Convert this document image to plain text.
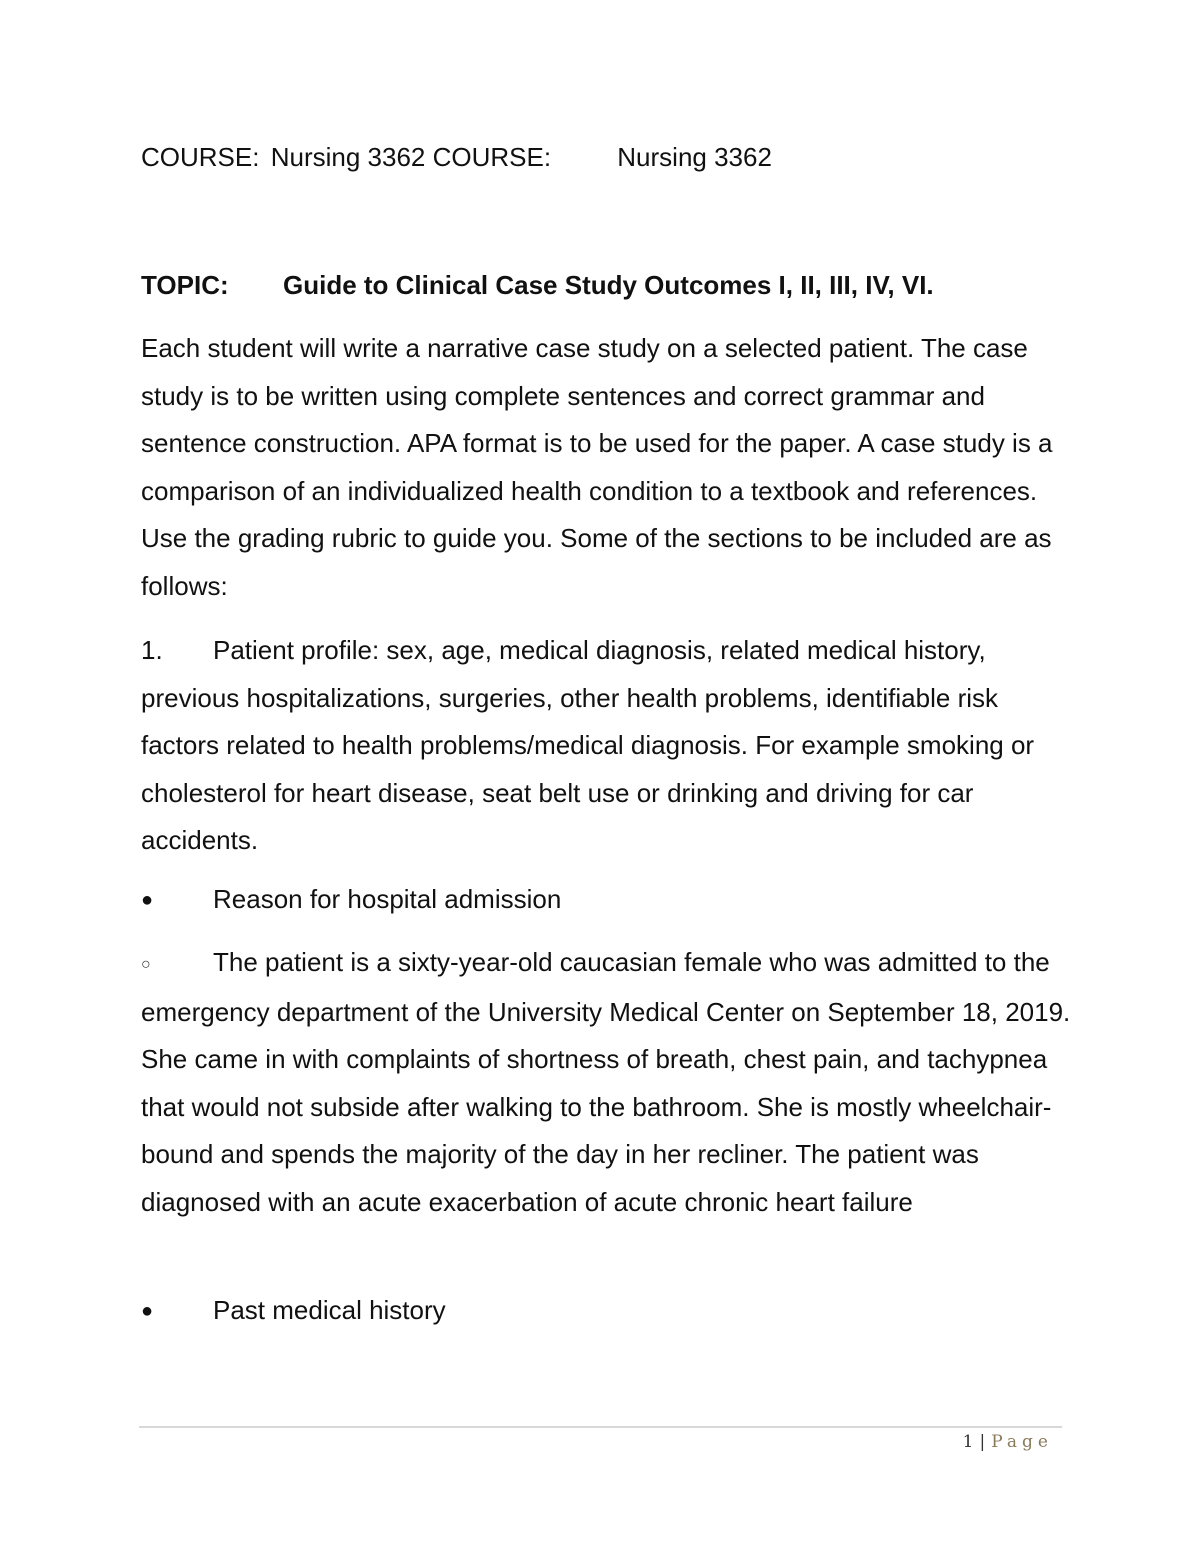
COURSE: Nursing 3362 COURSE:	Nursing 3362
TOPIC: Guide to Clinical Case Study Outcomes I, II, III, IV, VI.
Each student will write a narrative case study on a selected patient. The case study is to be written using complete sentences and correct grammar and sentence construction. APA format is to be used for the paper. A case study is a comparison of an individualized health condition to a textbook and references. Use the grading rubric to guide you. Some of the sections to be included are as follows:
1. Patient profile: sex, age, medical diagnosis, related medical history, previous hospitalizations, surgeries, other health problems, identifiable risk factors related to health problems/medical diagnosis. For example smoking or cholesterol for heart disease, seat belt use or drinking and driving for car accidents.
● Reason for hospital admission
○ The patient is a sixty-year-old caucasian female who was admitted to the emergency department of the University Medical Center on September 18, 2019. She came in with complaints of shortness of breath, chest pain, and tachypnea that would not subside after walking to the bathroom. She is mostly wheelchair-bound and spends the majority of the day in her recliner. The patient was diagnosed with an acute exacerbation of acute chronic heart failure
● Past medical history
1 | Page
